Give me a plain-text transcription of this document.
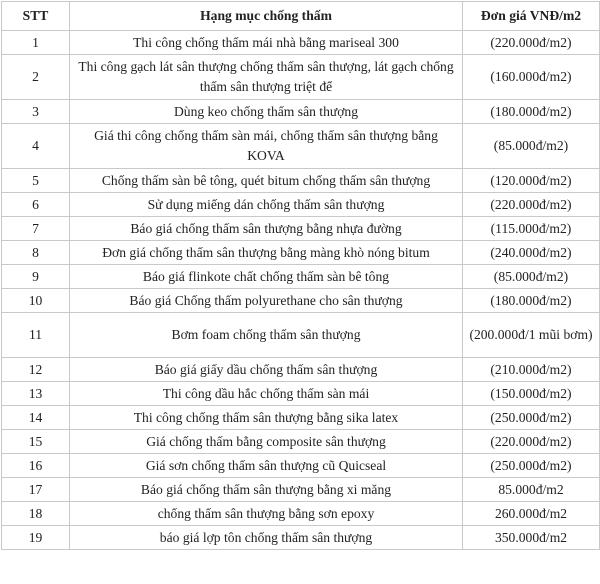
STT	Hạng mục chống thấm	Đơn giá VNĐ/m2
1	Thi công chống thấm mái nhà bằng mariseal 300	(220.000đ/m2)
2	Thi công gạch lát sân thượng chống thấm sân thượng, lát gạch chống thấm sân thượng triệt để	(160.000đ/m2)
3	Dùng keo chống thấm sân thượng	(180.000đ/m2)
4	Giá thi công chống thấm sàn mái, chống thấm sân thượng bằng KOVA	(85.000đ/m2)
5	Chống thấm sàn bê tông, quét bitum chống thấm sân thượng	(120.000đ/m2)
6	Sử dụng miếng dán chống thấm sân thượng	(220.000đ/m2)
7	Báo giá chống thấm sân thượng bằng nhựa đường	(115.000đ/m2)
8	Đơn giá chống thấm sân thượng bằng màng khò nóng bitum	(240.000đ/m2)
9	Báo giá flinkote chất chống thấm sàn bê tông	(85.000đ/m2)
10	Báo giá Chống thấm polyurethane cho sân thượng	(180.000đ/m2)
11	Bơm foam chống thấm sân thượng	(200.000đ/1 mũi bơm)
12	Báo giá giấy dầu chống thấm sân thượng	(210.000đ/m2)
13	Thi công dầu hắc chống thấm sàn mái	(150.000đ/m2)
14	Thi công chống thấm sân thượng bằng sika latex	(250.000đ/m2)
15	Giá chống thấm bằng composite sân thượng	(220.000đ/m2)
16	Giá sơn chống thấm sân thượng cũ Quicseal	(250.000đ/m2)
17	Báo giá chống thấm sân thượng bằng xi măng	85.000đ/m2
18	chống thấm sân thượng bằng sơn epoxy	260.000đ/m2
19	báo giá lợp tôn chống thấm sân thượng	350.000đ/m2
